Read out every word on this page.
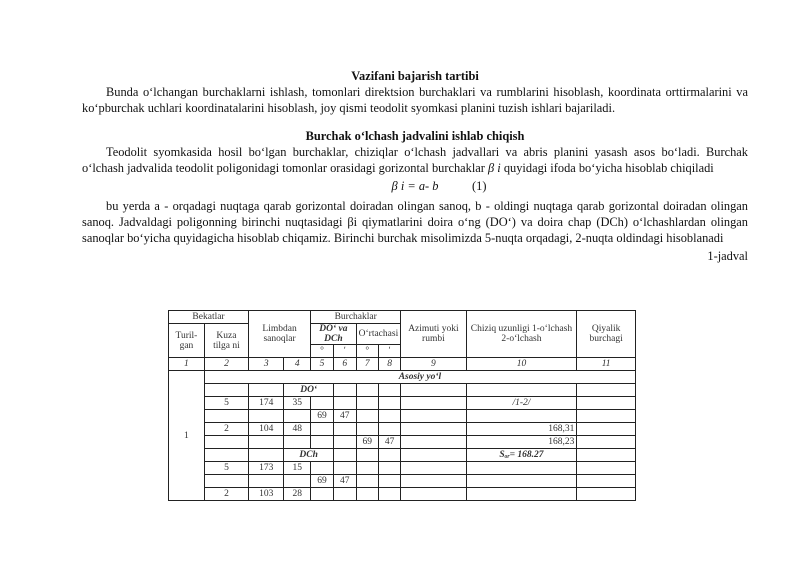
Vazifani bajarish tartibi

Bunda o‘lchangan burchaklarni ishlash, tomonlari direktsion burchaklari va rumblarini hisoblash, koordinata orttirmalarini va ko‘pburchak uchlari koordinatalarini hisoblash, joy qismi teodolit syomkasi planini tuzish ishlari bajariladi.

Burchak o‘lchash jadvalini ishlab chiqish

Teodolit syomkasida hosil bo‘lgan burchaklar, chiziqlar o‘lchash jadvallari va abris planini yasash asos bo‘ladi. Burchak o‘lchash jadvalida teodolit poligonidagi tomonlar orasidagi gorizontal burchaklar β i quyidagi ifoda bo‘yicha hisoblab chiqiladi

β i = a- b	(1)

bu yerda a - orqadagi nuqtaga qarab gorizontal doiradan olingan sanoq, b - oldingi nuqtaga qarab gorizontal doiradan olingan sanoq. Jadvaldagi poligonning birinchi nuqtasidagi βi qiymatlarini doira o‘ng (DO‘) va doira chap (DCh) o‘lchashlardan olingan sanoqlar bo‘yicha quyidagicha hisoblab chiqamiz. Birinchi burchak misolimizda 5-nuqta orqadagi, 2-nuqta oldindagi hisoblanadi

1-jadval
Bekatlar		Limbdan sanoqlar		Burchaklar				Azimuti yoki rumbi	Chiziq uzunligi 1-o‘lchash 2-o‘lchash	Qiyalik burchagi
Turil-gan	Kuza tilga ni			DO‘ va DCh		O‘rtachasi				
				°	ʹ	°	ʹ			
1	2	3	4	5	6	7	8	9	10	11
1	Asosiy yo‘l									
			DO‘							
	5	174	35						/1-2/	
				69	47					
	2	104	48						168,31	
						69	47		168,23	
			DCh						Sₒᵣ= 168.27	
	5	173	15							
				69	47					
	2	103	28							
